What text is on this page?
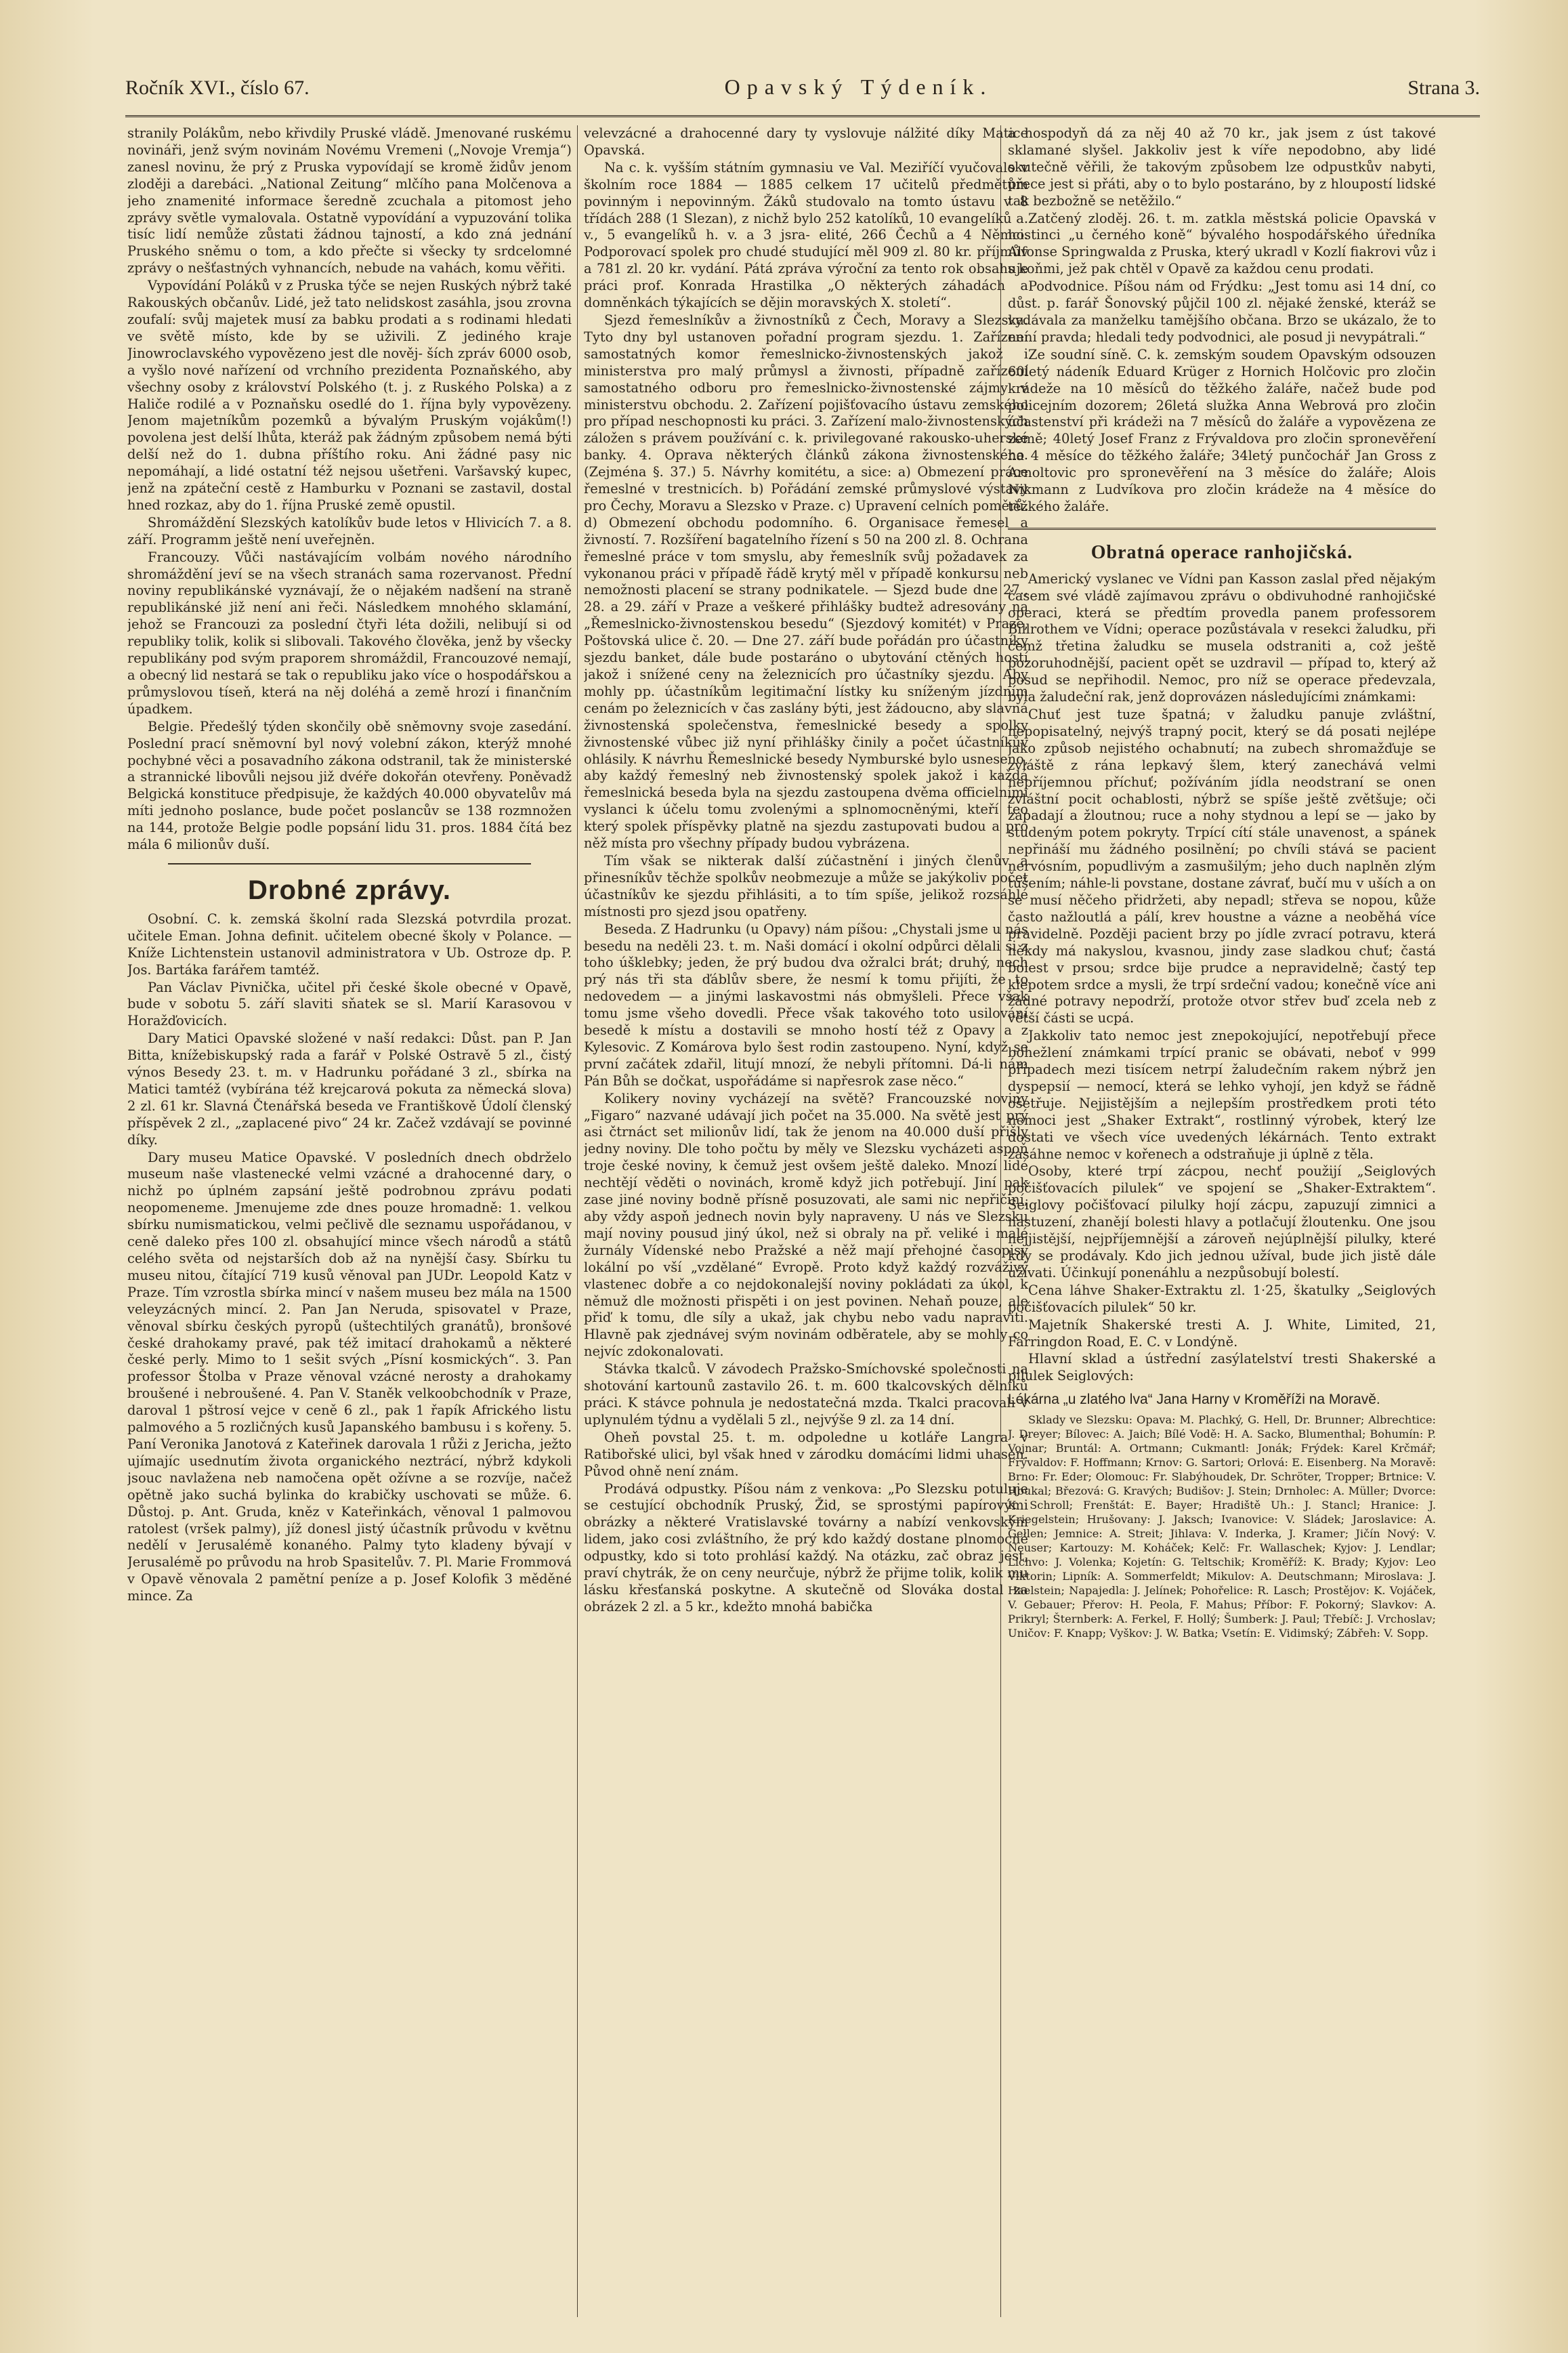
Ročník XVI., číslo 67.	Opavský Týdeník.	Strana 3.

stranily Polákům, nebo křivdily Pruské vládě. Jmenované ruskému novináři, jenž svým novinám Novému Vremeni („Novoje Vremja“) zanesl novinu, že prý z Pruska vypovídají se kromě židův jenom zloději a darebáci. „National Zeitung“ mlčího pana Molčenova a jeho znamenité informace šeredně zcuchala a pitomost jeho zprávy světle vymalovala. Ostatně vypovídání a vypuzování tolika tisíc lidí nemůže zůstati žádnou tajností, a kdo zná jednání Pruského sněmu o tom, a kdo přečte si všecky ty srdcelomné zprávy o nešťastných vyhnancích, nebude na vahách, komu věřiti.

Vypovídání Poláků v z Pruska týče se nejen Ruských nýbrž také Rakouských občanův. Lidé, jež tato nelidskost zasáhla, jsou zrovna zoufalí: svůj majetek musí za babku prodati a s rodinami hledati ve světě místo, kde by se uživili. Z jediného kraje Jinowroclavského vypovězeno jest dle nověj- ších zpráv 6000 osob, a vyšlo nové nařízení od vrchního prezidenta Poznaňského, aby všechny osoby z království Polského (t. j. z Ruského Polska) a z Haliče rodilé a v Poznaňsku osedlé do 1. října byly vypovězeny. Jenom majetníkům pozemků a bývalým Pruským vojákům(!) povolena jest delší lhůta, kteráž pak žádným způsobem nemá býti delší než do 1. dubna příštího roku. Ani žádné pasy nic nepomáhají, a lidé ostatní též nejsou ušetřeni. Varšavský kupec, jenž na zpáteční cestě z Hamburku v Poznani se zastavil, dostal hned rozkaz, aby do 1. října Pruské země opustil.

Shromáždění Slezských katolíkův bude letos v Hlivicích 7. a 8. září. Programm ještě není uveřejněn.

Francouzy. Vůči nastávajícím volbám nového národního shromáždění jeví se na všech stranách sama rozervanost. Přední noviny republikánské vyznávají, že o nějakém nadšení na straně republikánské již není ani řeči. Následkem mnohého sklamání, jehož se Francouzi za poslední čtyři léta dožili, nelibují si od republiky tolik, kolik si slibovali. Takového člověka, jenž by všecky republikány pod svým praporem shromáždil, Francouzové nemají, a obecný lid nestará se tak o republiku jako více o hospodářskou a průmyslovou tíseň, která na něj doléhá a země hrozí i finančním úpadkem.

Belgie. Předešlý týden skončily obě sněmovny svoje zasedání. Poslední prací sněmovní byl nový volební zákon, kterýž mnohé pochybné věci a posavadního zákona odstranil, tak že ministerské a strannické libovůli nejsou již dvéře dokořán otevřeny. Poněvadž Belgická konstituce předpisuje, že každých 40.000 obyvatelův má míti jednoho poslance, bude počet poslancův se 138 rozmnožen na 144, protože Belgie podle popsání lidu 31. pros. 1884 čítá bez mála 6 milionův duší.

Drobné zprávy.

Osobní. C. k. zemská školní rada Slezská potvrdila prozat. učitele Eman. Johna definit. učitelem obecné školy v Polance. — Kníže Lichtenstein ustanovil administratora v Ub. Ostroze dp. P. Jos. Bartáka farářem tamtéž.

Pan Václav Pivnička, učitel při české škole obecné v Opavě, bude v sobotu 5. září slaviti sňatek se sl. Marií Karasovou v Horažďovicích.

Dary Matici Opavské složené v naší redakci: Důst. pan P. Jan Bitta, knížebiskupský rada a farář v Polské Ostravě 5 zl., čistý výnos Besedy 23. t. m. v Hadrunku pořádané 3 zl., sbírka na Matici tamtéž (vybírána též krejcarová pokuta za německá slova) 2 zl. 61 kr. Slavná Čtenářská beseda ve Františkově Údolí členský příspěvek 2 zl., „zaplacené pivo“ 24 kr. Začež vzdávají se povinné díky.

Dary museu Matice Opavské. V posledních dnech obdrželo museum naše vlastenecké velmi vzácné a drahocenné dary, o nichž po úplném zapsání ještě podrobnou zprávu podati neopomeneme. Jmenujeme zde dnes pouze hromadně: 1. velkou sbírku numismatickou, velmi pečlivě dle seznamu uspořádanou, v ceně daleko přes 100 zl. obsahující mince všech národů a států celého světa od nejstarších dob až na nynější časy. Sbírku tu museu nitou, čítající 719 kusů věnoval pan JUDr. Leopold Katz v Praze. Tím vzrostla sbírka mincí v našem museu bez mála na 1500 veleyzácných mincí. 2. Pan Jan Neruda, spisovatel v Praze, věnoval sbírku českých pyropů (uštechtilých granátů), bronšové české drahokamy pravé, pak též imitací drahokamů a některé české perly. Mimo to 1 sešit svých „Písní kosmických“. 3. Pan professor Štolba v Praze věnoval vzácné nerosty a drahokamy broušené i nebroušené. 4. Pan V. Staněk velkoobchodník v Praze, daroval 1 pštrosí vejce v ceně 6 zl., pak 1 řapík Afrického listu palmového a 5 rozličných kusů Japanského bambusu i s kořeny. 5. Paní Veronika Janotová z Kateřinek darovala 1 růži z Jericha, ježto ujímajíc usednutím života organického neztrácí, nýbrž kdykoli jsouc navlažena neb namočena opět ožívne a se rozvíje, načež opětně jako suchá bylinka do krabičky uschovati se může. 6. Důstoj. p. Ant. Gruda, kněz v Kateřinkách, věnoval 1 palmovou ratolest (vršek palmy), jíž donesl jistý účastník průvodu v květnu nedělí v Jerusalémě konaného. Palmy tyto kladeny bývají v Jerusalémě po průvodu na hrob Spasitelův. 7. Pl. Marie Frommová v Opavě věnovala 2 pamětní peníze a p. Josef Kolofik 3 měděné mince. Za

velevzácné a drahocenné dary ty vyslovuje nálžité díky Matice Opavská.

Na c. k. vyšším státním gymnasiu ve Val. Meziříčí vyučovalo v školním roce 1884 — 1885 celkem 17 učitelů předmětům povinným i nepovinným. Žáků studovalo na tomto ústavu v 8 třídách 288 (1 Slezan), z nichž bylo 252 katolíků, 10 evangelíků a. v., 5 evangelíků h. v. a 3 jsra- elité, 266 Čechů a 4 Němci. Podporovací spolek pro chudé studující měl 909 zl. 80 kr. příjmův a 781 zl. 20 kr. vydání. Pátá zpráva výroční za tento rok obsahuje práci prof. Konrada Hrastilka „O některých záhadách a domněnkách týkajících se dějin moravských X. století“.

Sjezd řemeslníkův a živnostníků z Čech, Moravy a Slezska. Tyto dny byl ustanoven pořadní program sjezdu. 1. Zařízení samostatných komor řemeslnicko-živnostenských jakož i ministerstva pro malý průmysl a živnosti, případně zařízení samostatného odboru pro řemeslnicko-živnostenské zájmy v ministerstvu obchodu. 2. Zařízení pojišťovacího ústavu zemského pro případ neschopnosti ku práci. 3. Zařízení malo-živnostenských záložen s právem používání c. k. privilegované rakousko-uherské banky. 4. Oprava některých článků zákona živnostenského. (Zejména §. 37.) 5. Návrhy komitétu, a sice: a) Obmezení práce řemeslné v trestnicích. b) Pořádání zemské průmyslové výstavy pro Čechy, Moravu a Slezsko v Praze. c) Upravení celních poměrů. d) Obmezení obchodu podomního. 6. Organisace řemesel a živností. 7. Rozšíření bagatelního řízení s 50 na 200 zl. 8. Ochrana řemeslné práce v tom smyslu, aby řemeslník svůj požadavek za vykonanou práci v případě řádě krytý měl v případě konkursu neb nemožnosti placení se strany podnikatele. — Sjezd bude dne 27., 28. a 29. září v Praze a veškeré přihlášky budtež adresovány na „Řemeslnicko-živnostenskou besedu“ (Sjezdový komitét) v Praze, Poštovská ulice č. 20. — Dne 27. září bude pořádán pro účastníky sjezdu banket, dále bude postaráno o ubytování ctěných hostí jakož i snížené ceny na železnicích pro účastníky sjezdu. Aby mohly pp. účastníkům legitimační lístky ku sníženým jízdním cenám po železnicích v čas zaslány býti, jest žádoucno, aby slavná živnostenská společenstva, řemeslnické besedy a spolky živnostenské vůbec již nyní přihlášky činily a počet účastníkův ohlásily. K návrhu Řemeslnické besedy Nymburské bylo usneseno, aby každý řemeslný neb živnostenský spolek jakož i každá řemeslnická beseda byla na sjezdu zastoupena dvěma officielními vyslanci k účelu tomu zvolenými a splnomocněnými, kteří teo který spolek příspěvky platně na sjezdu zastupovati budou a pro něž místa pro všechny případy budou vybrázena.

Tím však se nikterak další zúčastnění i jiných členův a přinesníkův těchže spolkův neobmezuje a může se jakýkoliv počet účastníkův ke sjezdu přihlásiti, a to tím spíše, jelikož rozsáhlé místnosti pro sjezd jsou opatřeny.

Beseda. Z Hadrunku (u Opavy) nám píšou: „Chystali jsme u nás besedu na neděli 23. t. m. Naši domácí i okolní odpůrci dělali si z toho úšklebky; jeden, že prý budou dva ožralci brát; druhý, nech prý nás tři sta ďáblův sbere, že nesmí k tomu přijíti, že to nedovedem — a jinými laskavostmi nás obmyšleli. Přece však tomu jsme všeho dovedli. Přece však takového toto usilování besedě k místu a dostavili se mnoho hostí též z Opavy a z Kylesovic. Z Komárova bylo šest rodin zastoupeno. Nyní, když se první začátek zdařil, litují mnozí, že nebyli přítomni. Dá-li nám Pán Bůh se dočkat, uspořádáme si napřesrok zase něco.“

Kolikery noviny vycházejí na světě? Francouzské noviny „Figaro“ nazvané udávají jich počet na 35.000. Na světě jest prý asi čtrnáct set milionův lidí, tak že jenom na 40.000 duší přišly jedny noviny. Dle toho počtu by měly ve Slezsku vycházeti aspoň troje české noviny, k čemuž jest ovšem ještě daleko. Mnozí lidé nechtějí věděti o novinách, kromě když jich potřebují. Jiní pak zase jiné noviny bodně přísně posuzovati, ale sami nic nepřičiní, aby vždy aspoň jednech novin byly napraveny. U nás ve Slezsku mají noviny pousud jiný úkol, než si obraly na př. veliké i malé žurnály Vídenské nebo Pražské a něž mají přehojné časopisy lokální po vší „vzdělané“ Evropě. Proto když každý rozváživý vlastenec dobře a co nejdokonalejší noviny pokládati za úkol, k němuž dle možnosti přispěti i on jest povinen. Nehaň pouze, ale přiď k tomu, dle síly a ukaž, jak chybu nebo vadu napraviti. Hlavně pak zjednávej svým novinám odběratele, aby se mohly co nejvíc zdokonalovati.

Stávka tkalců. V závodech Pražsko-Smíchovské společnosti na shotování kartounů zastavilo 26. t. m. 600 tkalcovských dělníků práci. K stávce pohnula je nedostatečná mzda. Tkalci pracovali v uplynulém týdnu a vydělali 5 zl., nejvýše 9 zl. za 14 dní.

Oheň povstal 25. t. m. odpoledne u kotláře Langra v Ratibořské ulici, byl však hned v zárodku domácími lidmi uhasen. Původ ohně není znám.

Prodává odpustky. Píšou nám z venkova: „Po Slezsku potuluje se cestující obchodník Pruský, Žid, se sprostými papírovými obrázky a některé Vratislavské továrny a nabízí venkovským lidem, jako cosi zvláštního, že prý kdo každý dostane plnomocné odpustky, kdo si toto prohlásí každý. Na otázku, zač obraz jest, praví chytrák, že on ceny neurčuje, nýbrž že přijme tolik, kolik mu lásku křesťanská poskytne. A skutečně od Slováka dostal za obrázek 2 zl. a 5 kr., kdežto mnohá babička

a hospodyň dá za něj 40 až 70 kr., jak jsem z úst takové sklamané slyšel. Jakkoliv jest k víře nepodobno, aby lidé skutečně věřili, že takovým způsobem lze odpustkův nabyti, přece jest si přáti, aby o to bylo postaráno, by z hloupostí lidské tak bezbožně se netěžilo.“

Zatčený zloděj. 26. t. m. zatkla městská policie Opavská v hostinci „u černého koně“ bývalého hospodářského úředníka Alfonse Springwalda z Pruska, který ukradl v Kozlí fiakrovi vůz i s koňmi, jež pak chtěl v Opavě za každou cenu prodati.

Podvodnice. Píšou nám od Frýdku: „Jest tomu asi 14 dní, co důst. p. farář Šonovský půjčil 100 zl. nějaké ženské, kteráž se vydávala za manželku tamějšího občana. Brzo se ukázalo, že to není pravda; hledali tedy podvodnici, ale posud ji nevypátrali.“

Ze soudní síně. C. k. zemským soudem Opavským odsouzen 60letý nádeník Eduard Krüger z Hornich Holčovic pro zločin krádeže na 10 měsíců do těžkého žaláře, načež bude pod policejním dozorem; 26letá služka Anna Webrová pro zločin účastenství při krádeži na 7 měsíců do žaláře a vypovězena ze země; 40letý Josef Franz z Frývaldova pro zločin spronevěření na 4 měsíce do těžkého žaláře; 34letý punčochář Jan Gross z Arnoltovic pro spronevěření na 3 měsíce do žaláře; Alois Nikmann z Ludvíkova pro zločin krádeže na 4 měsíce do těžkého žaláře.

Obratná operace ranhojičská.

Americký vyslanec ve Vídni pan Kasson zaslal před nějakým časem své vládě zajímavou zprávu o obdivuhodné ranhojičské operaci, která se předtím provedla panem professorem Billrothem ve Vídni; operace pozůstávala v resekci žaludku, při čemž třetina žaludku se musela odstraniti a, což ještě pozoruhodnější, pacient opět se uzdravil — případ to, který až posud se nepřihodil. Nemoc, pro níž se operace předevzala, byla žaludeční rak, jenž doprovázen následujícími známkami:

Chuť jest tuze špatná; v žaludku panuje zvláštní, nepopisatelný, nejvýš trapný pocit, který se dá posati nejlépe jako způsob nejistého ochabnutí; na zubech shromažďuje se zvláště z rána lepkavý šlem, který zanechává velmi nepříjemnou příchuť; požíváním jídla neodstraní se onen zvláštní pocit ochablosti, nýbrž se spíše ještě zvětšuje; oči zapadají a žloutnou; ruce a nohy stydnou a lepí se — jako by studeným potem pokryty. Trpící cítí stále unavenost, a spánek nepřináší mu žádného posilnění; po chvíli stává se pacient nervósním, popudlivým a zasmušilým; jeho duch naplněn zlým tušením; náhle-li povstane, dostane závrať, bučí mu v uších a on se musí něčeho přidržeti, aby nepadl; střeva se nopou, kůže často nažloutlá a pálí, krev houstne a vázne a neoběhá více pravidelně. Později pacient brzy po jídle zvrací potravu, která někdy má nakyslou, kvasnou, jindy zase sladkou chuť; častá bolest v prsou; srdce bije prudce a nepravidelně; častý tep klepotem srdce a mysli, že trpí srdeční vadou; konečně více ani žádné potravy nepodrží, protože otvor střev buď zcela neb z větší části se ucpá.

Jakkoliv tato nemoc jest znepokojující, nepotřebují přece bohežlení známkami trpící pranic se obávati, neboť v 999 případech mezi tisícem netrpí žaludečním rakem nýbrž jen dyspepsií — nemocí, která se lehko vyhojí, jen když se řádně ošetřuje. Nejjistějším a nejlepším prostředkem proti této nemoci jest „Shaker Extrakt“, rostlinný výrobek, který lze dostati ve všech více uvedených lékárnách. Tento extrakt zasáhne nemoc v kořenech a odstraňuje ji úplně z těla.

Osoby, které trpí zácpou, nechť použijí „Seiglových počišťovacích pilulek“ ve spojení se „Shaker-Extraktem“. Seiglovy počišťovací pilulky hojí zácpu, zapuzují zimnici a nastuzení, zhanějí bolesti hlavy a potlačují žloutenku. One jsou nejjistější, nejpříjemnější a zároveň nejúplnější pilulky, které kdy se prodávaly. Kdo jich jednou užíval, bude jich jistě dále užívati. Účinkují ponenáhlu a nezpůsobují bolestí.

Cena láhve Shaker-Extraktu zl. 1·25, škatulky „Seiglových počišťovacích pilulek“ 50 kr.

Majetník Shakerské tresti A. J. White, Limited, 21, Farringdon Road, E. C. v Londýně.

Hlavní sklad a ústřední zasýlatelství tresti Shakerské a pilulek Seiglových:

Lékárna „u zlatého lva“ Jana Harny v Kroměříži na Moravě.

Sklady ve Slezsku: Opava: M. Plachký, G. Hell, Dr. Brunner; Albrechtice: J. Dreyer; Bílovec: A. Jaich; Bílé Vodě: H. A. Sacko, Blumenthal; Bohumín: P. Vojnar; Bruntál: A. Ortmann; Cukmantl: Jonák; Frýdek: Karel Krčmář; Frývaldov: F. Hoffmann; Krnov: G. Sartori; Orlová: E. Eisenberg. Na Moravě: Brno: Fr. Eder; Olomouc: Fr. Slabýhoudek, Dr. Schröter, Tropper; Brtnice: V. Houkal; Březová: G. Kravých; Budišov: J. Stein; Drnholec: A. Müller; Dvorce: K. Schroll; Frenštát: E. Bayer; Hradiště Uh.: J. Stancl; Hranice: J. Kriegelstein; Hrušovany: J. Jaksch; Ivanovice: V. Sládek; Jaroslavice: A. Gellen; Jemnice: A. Streit; Jihlava: V. Inderka, J. Kramer; Jičín Nový: V. Neuser; Kartouzy: M. Koháček; Kelč: Fr. Wallaschek; Kyjov: J. Lendlar; Lichvo: J. Volenka; Kojetín: G. Teltschik; Kroměříž: K. Brady; Kyjov: Leo Viktorin; Lipník: A. Sommerfeldt; Mikulov: A. Deutschmann; Miroslava: J. Haelstein; Napajedla: J. Jelínek; Pohořelice: R. Lasch; Prostějov: K. Vojáček, V. Gebauer; Přerov: H. Peola, F. Mahus; Příbor: F. Pokorný; Slavkov: A. Prikryl; Šternberk: A. Ferkel, F. Hollý; Šumberk: J. Paul; Třebíč: J. Vrchoslav; Uničov: F. Knapp; Vyškov: J. W. Batka; Vsetín: E. Vidimský; Zábřeh: V. Sopp.
